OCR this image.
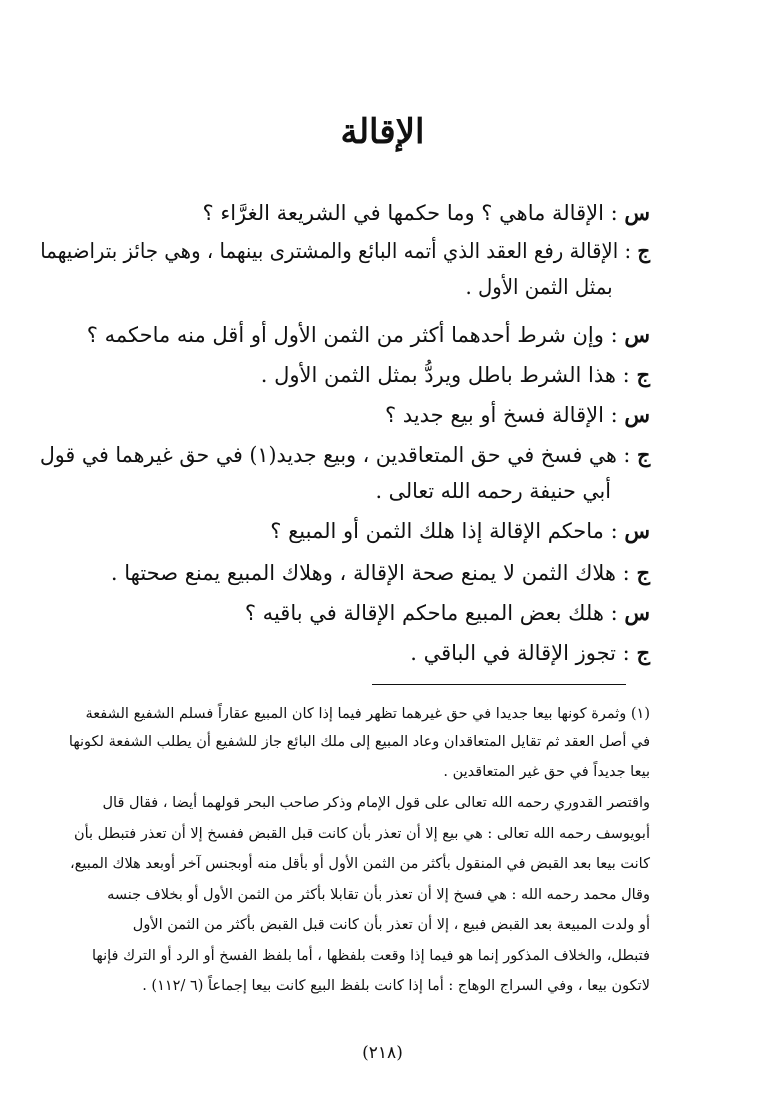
الإقالة
س : الإقالة ماهي ؟ وما حكمها في الشريعة الغرَّاء ؟
ج : الإقالة رفع العقد الذي أتمه البائع والمشترى بينهما ، وهي جائز بتراضيهما
بمثل الثمن الأول .
س : وإن شرط أحدهما أكثر من الثمن الأول أو أقل منه ماحكمه ؟
ج : هذا الشرط باطل ويردُّ بمثل الثمن الأول .
س : الإقالة فسخ أو بيع جديد ؟
ج : هي فسخ في حق المتعاقدين ، وبيع جديد(١) في حق غيرهما في قول
أبي حنيفة رحمه الله تعالى .
س : ماحكم الإقالة إذا هلك الثمن أو المبيع ؟
ج : هلاك الثمن لا يمنع صحة الإقالة ، وهلاك المبيع يمنع صحتها .
س : هلك بعض المبيع ماحكم الإقالة في باقيه ؟
ج : تجوز الإقالة في الباقي .
(١) وثمرة كونها بيعا جديدا في حق غيرهما تظهر فيما إذا كان المبيع عقاراً فسلم الشفيع الشفعة
في أصل العقد ثم تقايل المتعاقدان وعاد المبيع إلى ملك البائع جاز للشفيع أن يطلب الشفعة لكونها
بيعا جديداً في حق غير المتعاقدين .
واقتصر القدوري رحمه الله تعالى على قول الإمام وذكر صاحب البحر قولهما أيضا ، فقال قال
أبويوسف رحمه الله تعالى : هي بيع إلا أن تعذر بأن كانت قبل القبض ففسخ إلا أن تعذر فتبطل بأن
كانت بيعا بعد القبض في المنقول بأكثر من الثمن الأول أو بأقل منه أوبجنس آخر أوبعد هلاك المبيع،
وقال محمد رحمه الله : هي فسخ إلا أن تعذر بأن تقابلا بأكثر من الثمن الأول أو بخلاف جنسه
أو ولدت المبيعة بعد القبض فبيع ، إلا أن تعذر بأن كانت قبل القبض بأكثر من الثمن الأول
فتبطل، والخلاف المذكور إنما هو فيما إذا وقعت بلفظها ، أما بلفظ الفسخ أو الرد أو الترك فإنها
لاتكون بيعا ، وفي السراج الوهاج : أما إذا كانت بلفظ البيع كانت بيعا إجماعاً (٦ /١١٢) .
(٢١٨)
